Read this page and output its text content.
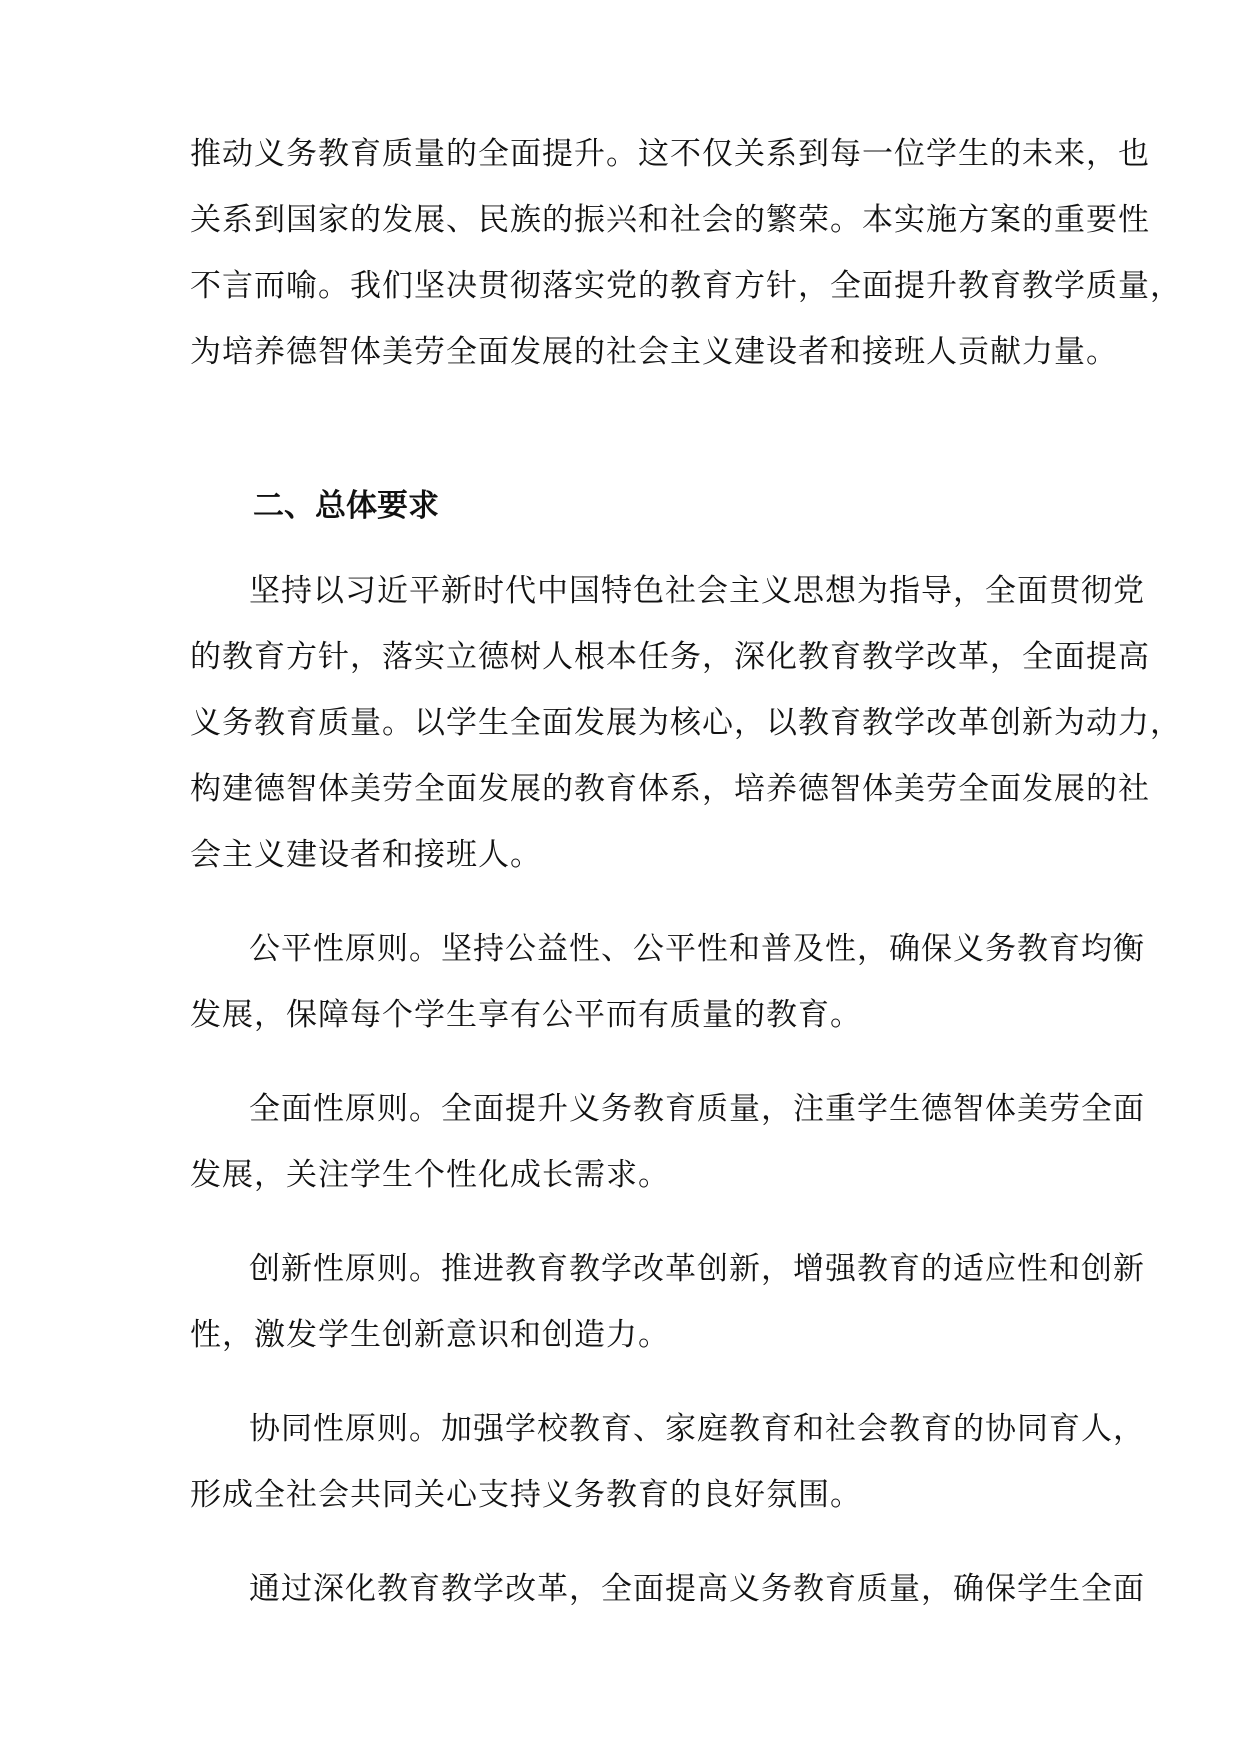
推动义务教育质量的全面提升。这不仅关系到每一位学生的未来，也
关系到国家的发展、民族的振兴和社会的繁荣。本实施方案的重要性
不言而喻。我们坚决贯彻落实党的教育方针，全面提升教育教学质量，
为培养德智体美劳全面发展的社会主义建设者和接班人贡献力量。
二、总体要求
坚持以习近平新时代中国特色社会主义思想为指导，全面贯彻党
的教育方针，落实立德树人根本任务，深化教育教学改革，全面提高
义务教育质量。以学生全面发展为核心，以教育教学改革创新为动力，
构建德智体美劳全面发展的教育体系，培养德智体美劳全面发展的社
会主义建设者和接班人。
公平性原则。坚持公益性、公平性和普及性，确保义务教育均衡
发展，保障每个学生享有公平而有质量的教育。
全面性原则。全面提升义务教育质量，注重学生德智体美劳全面
发展，关注学生个性化成长需求。
创新性原则。推进教育教学改革创新，增强教育的适应性和创新
性，激发学生创新意识和创造力。
协同性原则。加强学校教育、家庭教育和社会教育的协同育人，
形成全社会共同关心支持义务教育的良好氛围。
通过深化教育教学改革，全面提高义务教育质量，确保学生全面
